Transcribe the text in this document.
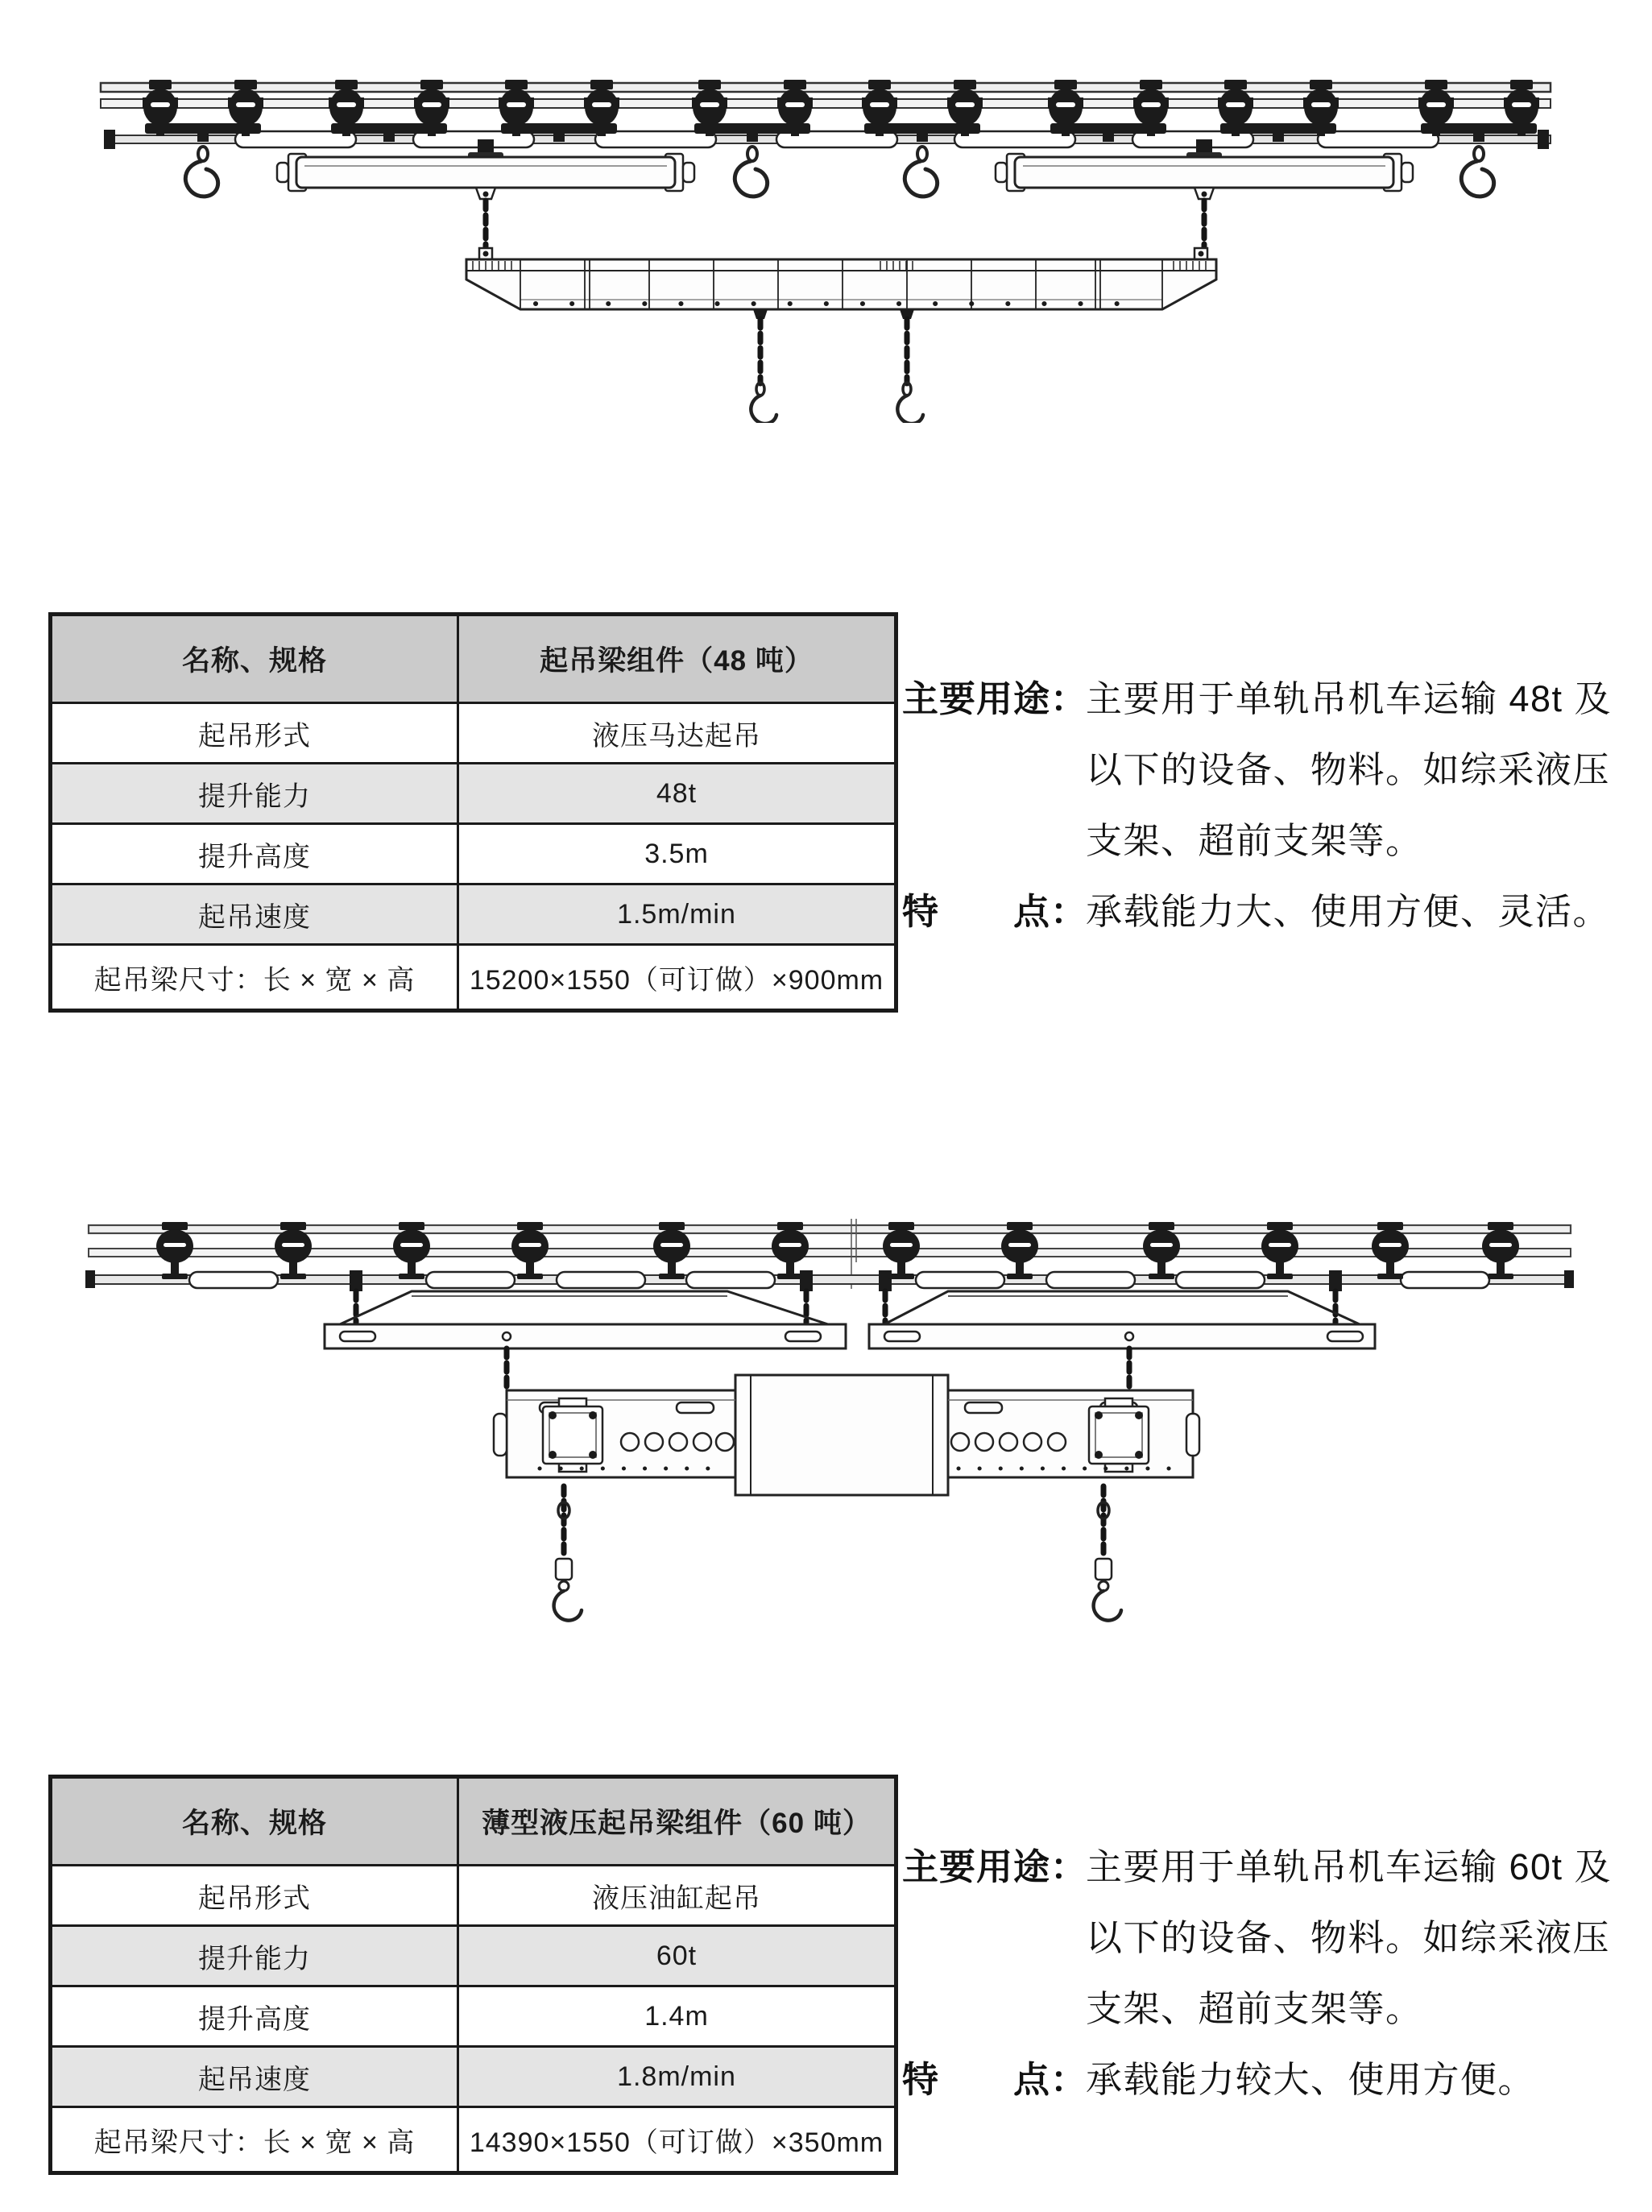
名称、规格	起吊梁组件（48 吨）
起吊形式	液压马达起吊
提升能力	48t
提升高度	3.5m
起吊速度	1.5m/min
起吊梁尺寸：长 × 宽 × 高	15200×1550（可订做）×900mm
主要用途：
主要用于单轨吊机车运输 48t 及
以下的设备、物料。如综采液压
支架、超前支架等。
特　　点：
承载能力大、使用方便、灵活。
名称、规格	薄型液压起吊梁组件（60 吨）
起吊形式	液压油缸起吊
提升能力	60t
提升高度	1.4m
起吊速度	1.8m/min
起吊梁尺寸：长 × 宽 × 高	14390×1550（可订做）×350mm
主要用途：
主要用于单轨吊机车运输 60t 及
以下的设备、物料。如综采液压
支架、超前支架等。
特　　点：
承载能力较大、使用方便。
